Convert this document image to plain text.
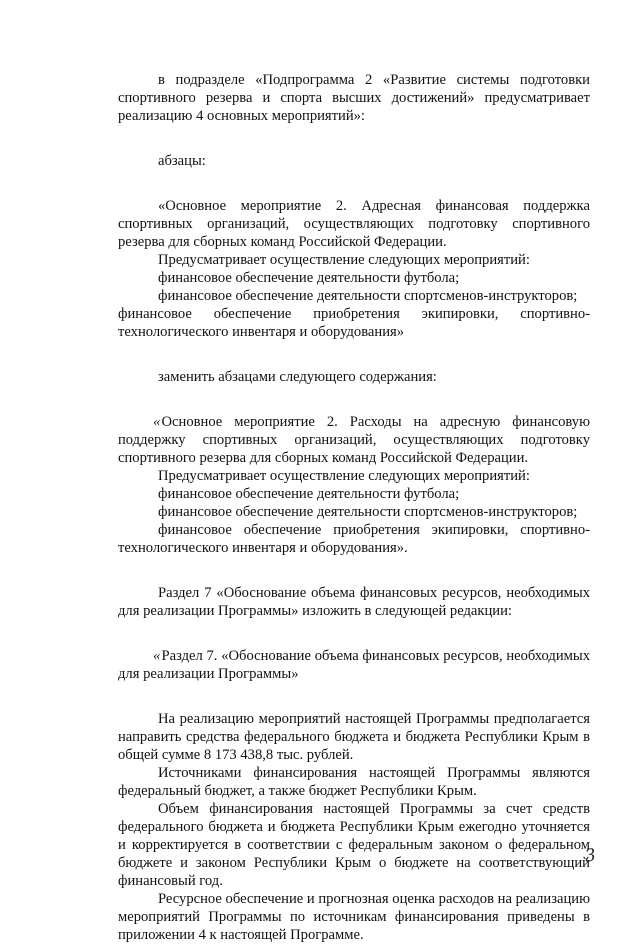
в подразделе «Подпрограмма 2 «Развитие системы подготовки спортивного резерва и спорта высших достижений» предусматривает реализацию 4 основных мероприятий»:

абзацы:

«Основное мероприятие 2. Адресная финансовая поддержка спортивных организаций, осуществляющих подготовку спортивного резерва для сборных команд Российской Федерации.

Предусматривает осуществление следующих мероприятий:

финансовое обеспечение деятельности футбола;

финансовое обеспечение деятельности спортсменов-инструкторов;

финансовое обеспечение приобретения экипировки, спортивно-технологического инвентаря и оборудования»

заменить абзацами следующего содержания:

«Основное мероприятие 2. Расходы на адресную финансовую поддержку спортивных организаций, осуществляющих подготовку спортивного резерва для сборных команд Российской Федерации.

Предусматривает осуществление следующих мероприятий:

финансовое обеспечение деятельности футбола;

финансовое обеспечение деятельности спортсменов-инструкторов;

финансовое обеспечение приобретения экипировки, спортивно-технологического инвентаря и оборудования».

Раздел 7 «Обоснование объема финансовых ресурсов, необходимых для реализации Программы» изложить в следующей редакции:

«Раздел 7. «Обоснование объема финансовых ресурсов, необходимых для реализации Программы»

На реализацию мероприятий настоящей Программы предполагается направить средства федерального бюджета и бюджета Республики Крым в общей сумме 8 173 438,8 тыс. рублей.

Источниками финансирования настоящей Программы являются федеральный бюджет, а также бюджет Республики Крым.

Объем финансирования настоящей Программы за счет средств федерального бюджета и бюджета Республики Крым ежегодно уточняется и корректируется в соответствии с федеральным законом о федеральном бюджете и законом Республики Крым о бюджете на соответствующий финансовый год.

Ресурсное обеспечение и прогнозная оценка расходов на реализацию мероприятий Программы по источникам финансирования приведены в приложении 4 к настоящей Программе.

3
